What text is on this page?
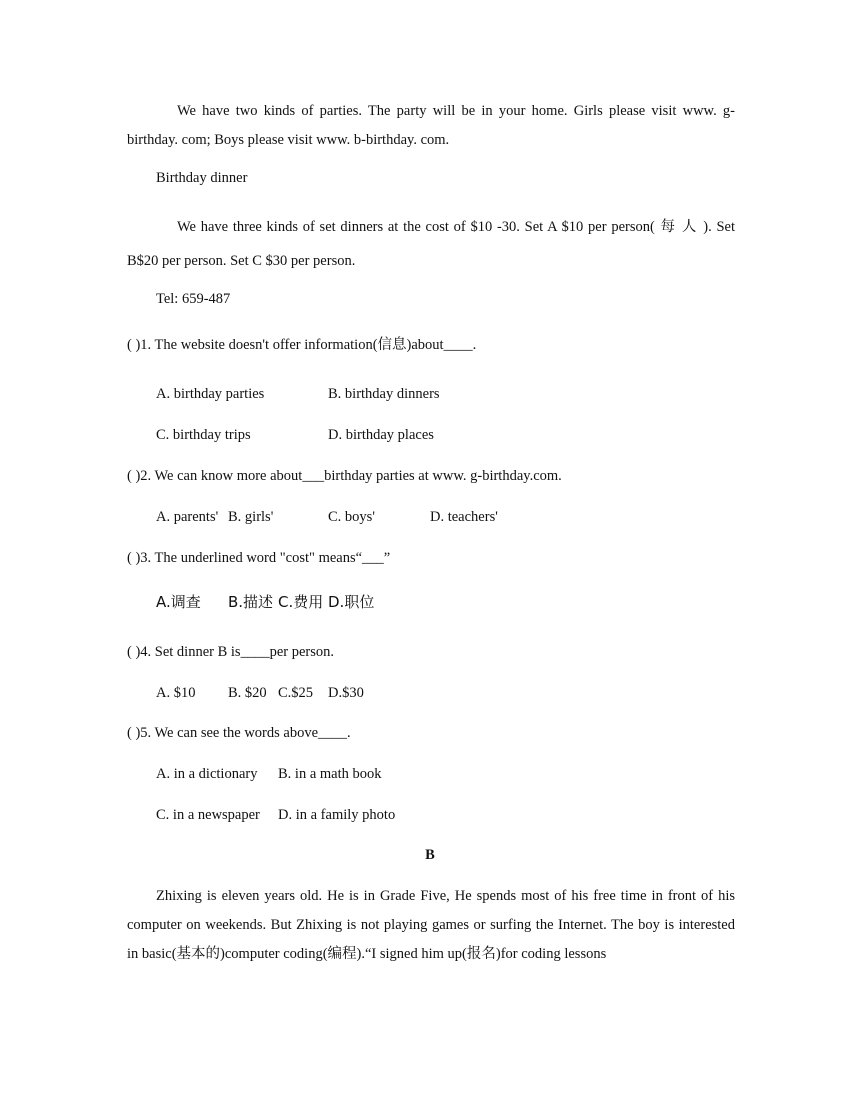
We have two kinds of parties. The party will be in your home. Girls please visit www. g-birthday. com; Boys please visit www. b-birthday. com.
Birthday dinner
We have three kinds of set dinners at the cost of $10 -30. Set A $10 per person( 每 人 ). Set B$20 per person. Set C $30 per person.
Tel: 659-487
( )1. The website doesn't offer information(信息)about____.
A. birthday parties	B. birthday dinners
C. birthday trips	D. birthday places
( )2. We can know more about___birthday parties at www. g-birthday.com.
A. parents' B. girls'	C. boys'	D. teachers'
( )3. The underlined word "cost" means“___”
A.调查 B.描述 C.费用 D.职位
( )4. Set dinner B is____per person.
A. $10 B. $20 C.$25 D.$30
( )5. We can see the words above____.
A. in a dictionary B. in a math book
C. in a newspaper D. in a family photo
B
Zhixing is eleven years old. He is in Grade Five, He spends most of his free time in front of his computer on weekends. But Zhixing is not playing games or surfing the Internet. The boy is interested in basic(基本的)computer coding(编程).“I signed him up(报名)for coding lessons
